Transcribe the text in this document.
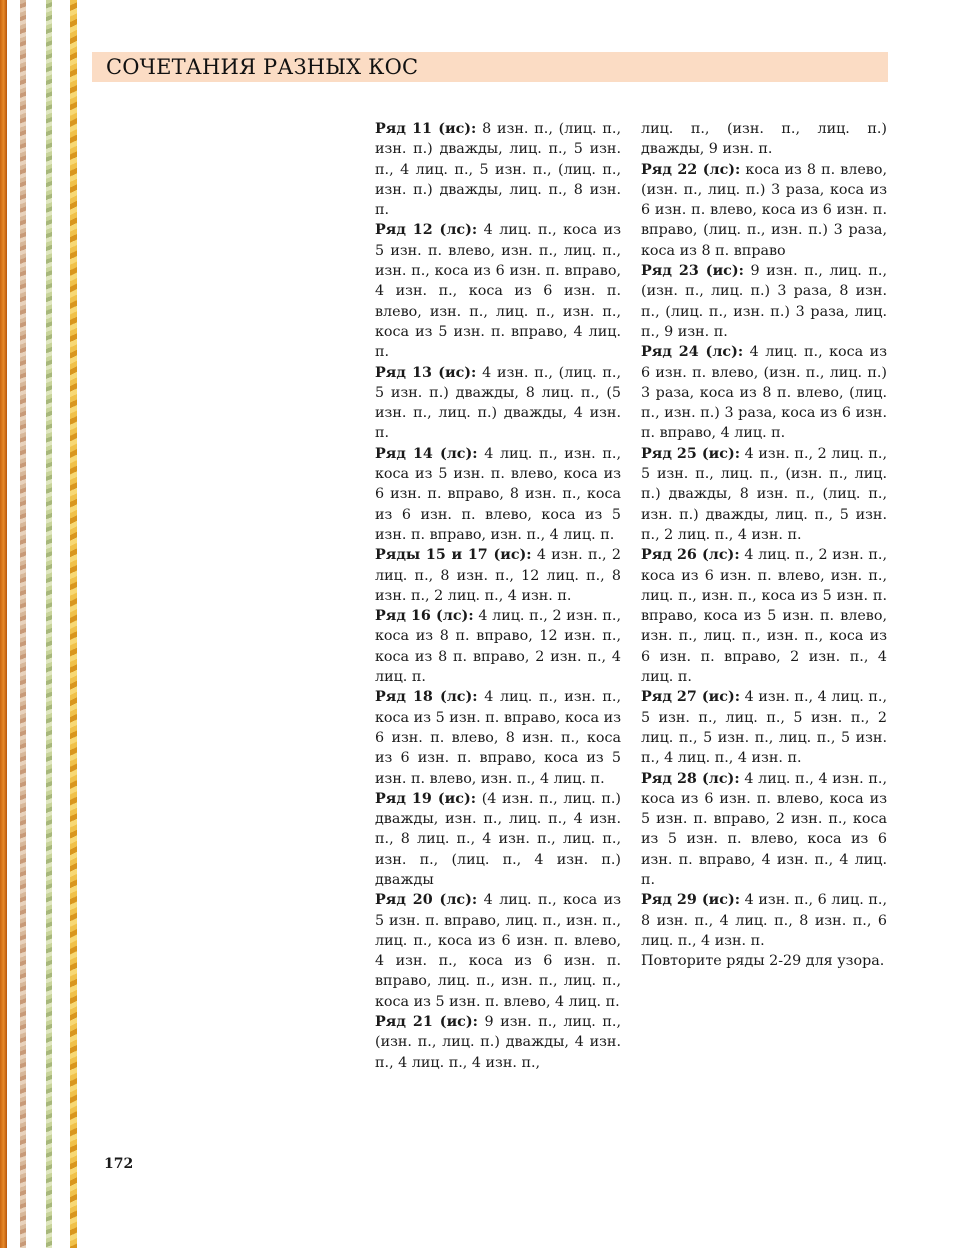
СОЧЕТАНИЯ РАЗНЫХ КОС

Ряд 11 (ис): 8 изн. п., (лиц. п., изн. п.) дважды, лиц. п., 5 изн. п., 4 лиц. п., 5 изн. п., (лиц. п., изн. п.) дважды, лиц. п., 8 изн. п.

Ряд 12 (лс): 4 лиц. п., коса из 5 изн. п. влево, изн. п., лиц. п., изн. п., коса из 6 изн. п. вправо, 4 изн. п., коса из 6 изн. п. влево, изн. п., лиц. п., изн. п., коса из 5 изн. п. вправо, 4 лиц. п.

Ряд 13 (ис): 4 изн. п., (лиц. п., 5 изн. п.) дважды, 8 лиц. п., (5 изн. п., лиц. п.) дважды, 4 изн. п.

Ряд 14 (лс): 4 лиц. п., изн. п., коса из 5 изн. п. влево, коса из 6 изн. п. вправо, 8 изн. п., коса из 6 изн. п. влево, коса из 5 изн. п. вправо, изн. п., 4 лиц. п.

Ряды 15 и 17 (ис): 4 изн. п., 2 лиц. п., 8 изн. п., 12 лиц. п., 8 изн. п., 2 лиц. п., 4 изн. п.

Ряд 16 (лс): 4 лиц. п., 2 изн. п., коса из 8 п. вправо, 12 изн. п., коса из 8 п. вправо, 2 изн. п., 4 лиц. п.

Ряд 18 (лс): 4 лиц. п., изн. п., коса из 5 изн. п. вправо, коса из 6 изн. п. влево, 8 изн. п., коса из 6 изн. п. вправо, коса из 5 изн. п. влево, изн. п., 4 лиц. п.

Ряд 19 (ис): (4 изн. п., лиц. п.) дважды, изн. п., лиц. п., 4 изн. п., 8 лиц. п., 4 изн. п., лиц. п., изн. п., (лиц. п., 4 изн. п.) дважды

Ряд 20 (лс): 4 лиц. п., коса из 5 изн. п. вправо, лиц. п., изн. п., лиц. п., коса из 6 изн. п. влево, 4 изн. п., коса из 6 изн. п. вправо, лиц. п., изн. п., лиц. п., коса из 5 изн. п. влево, 4 лиц. п.

Ряд 21 (ис): 9 изн. п., лиц. п., (изн. п., лиц. п.) дважды, 4 изн. п., 4 лиц. п., 4 изн. п.,

лиц. п., (изн. п., лиц. п.) дважды, 9 изн. п.

Ряд 22 (лс): коса из 8 п. влево, (изн. п., лиц. п.) 3 раза, коса из 6 изн. п. влево, коса из 6 изн. п. вправо, (лиц. п., изн. п.) 3 раза, коса из 8 п. вправо

Ряд 23 (ис): 9 изн. п., лиц. п., (изн. п., лиц. п.) 3 раза, 8 изн. п., (лиц. п., изн. п.) 3 раза, лиц. п., 9 изн. п.

Ряд 24 (лс): 4 лиц. п., коса из 6 изн. п. влево, (изн. п., лиц. п.) 3 раза, коса из 8 п. влево, (лиц. п., изн. п.) 3 раза, коса из 6 изн. п. вправо, 4 лиц. п.

Ряд 25 (ис): 4 изн. п., 2 лиц. п., 5 изн. п., лиц. п., (изн. п., лиц. п.) дважды, 8 изн. п., (лиц. п., изн. п.) дважды, лиц. п., 5 изн. п., 2 лиц. п., 4 изн. п.

Ряд 26 (лс): 4 лиц. п., 2 изн. п., коса из 6 изн. п. влево, изн. п., лиц. п., изн. п., коса из 5 изн. п. вправо, коса из 5 изн. п. влево, изн. п., лиц. п., изн. п., коса из 6 изн. п. вправо, 2 изн. п., 4 лиц. п.

Ряд 27 (ис): 4 изн. п., 4 лиц. п., 5 изн. п., лиц. п., 5 изн. п., 2 лиц. п., 5 изн. п., лиц. п., 5 изн. п., 4 лиц. п., 4 изн. п.

Ряд 28 (лс): 4 лиц. п., 4 изн. п., коса из 6 изн. п. влево, коса из 5 изн. п. вправо, 2 изн. п., коса из 5 изн. п. влево, коса из 6 изн. п. вправо, 4 изн. п., 4 лиц. п.

Ряд 29 (ис): 4 изн. п., 6 лиц. п., 8 изн. п., 4 лиц. п., 8 изн. п., 6 лиц. п., 4 изн. п.

Повторите ряды 2-29 для узора.

172
